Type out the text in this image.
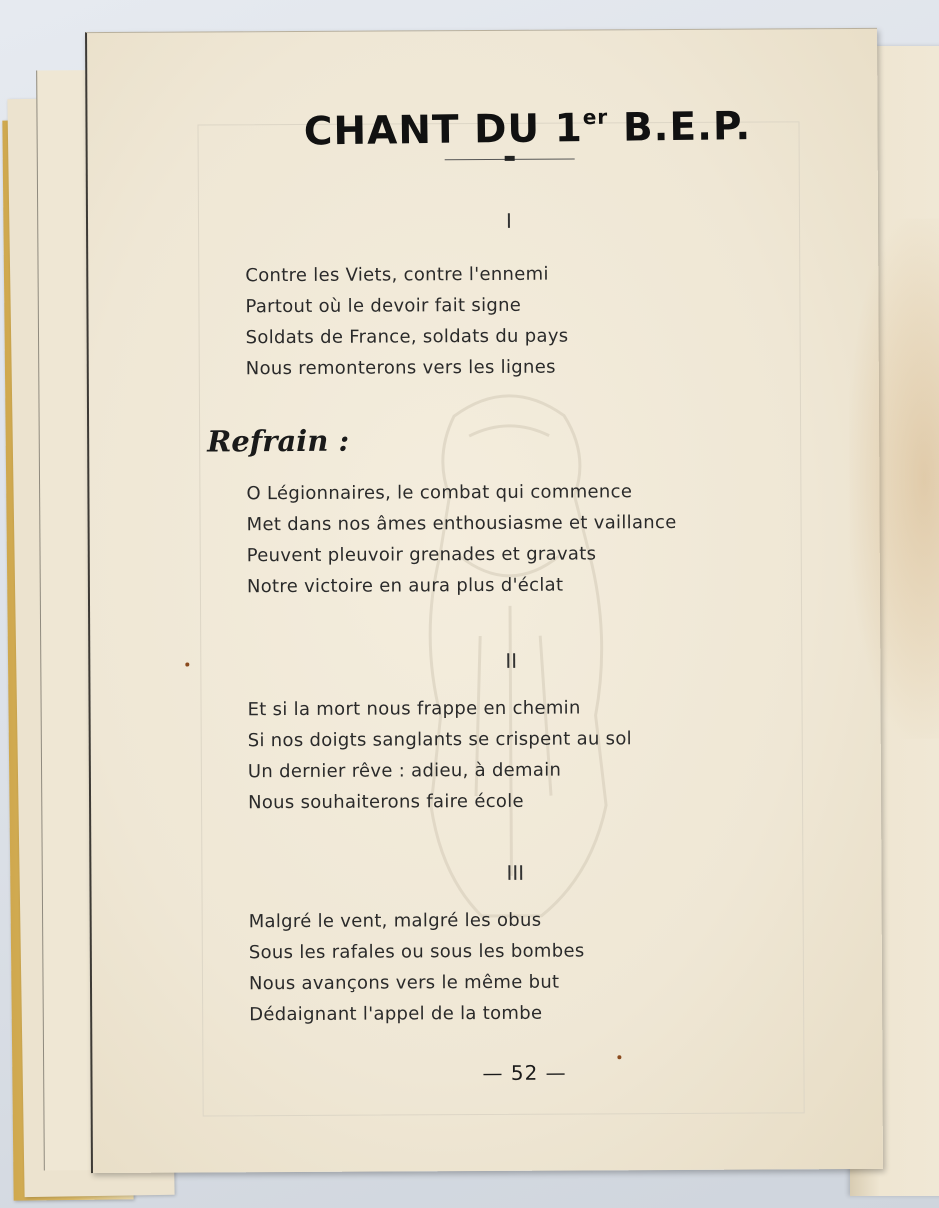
CHANT DU 1er B.E.P.
I
Contre les Viets, contre l'ennemi
Partout où le devoir fait signe
Soldats de France, soldats du pays
Nous remonterons vers les lignes
Refrain :
O Légionnaires, le combat qui commence
Met dans nos âmes enthousiasme et vaillance
Peuvent pleuvoir grenades et gravats
Notre victoire en aura plus d'éclat
II
Et si la mort nous frappe en chemin
Si nos doigts sanglants se crispent au sol
Un dernier rêve : adieu, à demain
Nous souhaiterons faire école
III
Malgré le vent, malgré les obus
Sous les rafales ou sous les bombes
Nous avançons vers le même but
Dédaignant l'appel de la tombe
— 52 —
